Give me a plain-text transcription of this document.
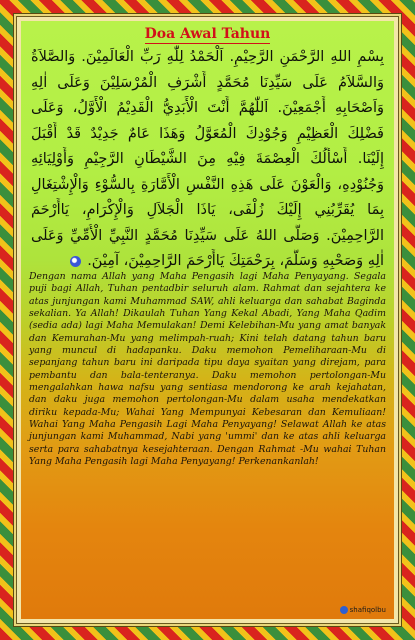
Doa Awal Tahun
بِسْمِ اللهِ الرَّحْمَنِ الرَّحِيْمِ. اَلْحَمْدُ لِلّٰهِ رَبِّ الْعَالَمِيْنَ. وَالصَّلاَةُ
وَالسَّلاَمُ عَلَى سَيِّدِنَا مُحَمَّدٍ أَشْرَفِ الْمُرْسَلِيْنَ وَعَلَى اٰلِهِ
وَاَصْحَابِهِ أَجْمَعِيْنَ. اَللّٰهُمَّ أَنْتَ الْأَبَدِيُّ الْقَدِيْمُ الْأَوَّلُ، وَعَلَى
فَضْلِكَ الْعَظِيْمِ وَجُوْدِكَ الْمُعَوَّلُ وَهَذَا عَامٌ جَدِيْدٌ قَدْ أَقْبَلَ
إِلَيْنَا. أَسْأَلُكَ الْعِصْمَةَ فِيْهِ مِنَ الشَّيْطَانِ الرَّجِيْمِ وَأَوْلِيَائِهِ
وَجُنُوْدِهِ، وَالْعَوْنَ عَلَى هَذِهِ النَّفْسِ الْأَمَّارَةِ بِالسُّوْءِ وَالْإِشْتِغَالِ
بِمَا يُقَرِّبُنِي إِلَيْكَ زُلْفَى، يَاذَا الْجَلاَلِ وَالْإِكْرَامِ، يَاأَرْحَمَ
الرَّاحِمِيْنَ. وَصَلَّى اللهُ عَلَى سَيِّدِنَا مُحَمَّدٍ النَّبِيِّ الْأُمِّيِّ وَعَلَى
اٰلِهِ وَصَحْبِهِ وَسَلَّمَ، بِرَحْمَتِكَ يَاأَرْحَمَ الرَّاحِمِيْنَ، آمِيْنَ.

Dengan nama Allah yang Maha Pengasih lagi Maha Penyayang. Segala puji bagi Allah, Tuhan pentadbir seluruh alam. Rahmat dan sejahtera ke atas junjungan kami Muhammad SAW, ahli keluarga dan sahabat Baginda sekalian. Ya Allah! Dikaulah Tuhan Yang Kekal Abadi, Yang Maha Qadim (sedia ada) lagi Maha Memulakan! Demi Kelebihan-Mu yang amat banyak dan Kemurahan-Mu yang melimpah-ruah; Kini telah datang tahun baru yang muncul di hadapanku. Daku memohon Pemeliharaan-Mu di sepanjang tahun baru ini daripada tipu daya syaitan yang direjam, para pembantu dan bala-tenteranya. Daku memohon pertolongan-Mu mengalahkan hawa nafsu yang sentiasa mendorong ke arah kejahatan, dan daku juga memohon pertolongan-Mu dalam usaha mendekatkan diriku kepada-Mu; Wahai Yang Mempunyai Kebesaran dan Kemuliaan! Wahai Yang Maha Pengasih Lagi Maha Penyayang! Selawat Allah ke atas junjungan kami Muhammad, Nabi yang 'ummi' dan ke atas ahli keluarga serta para sahabatnya kesejahteraan. Dengan Rahmat -Mu wahai Tuhan Yang Maha Pengasih lagi Maha Penyayang! Perkenankanlah!

shafiqolbu
